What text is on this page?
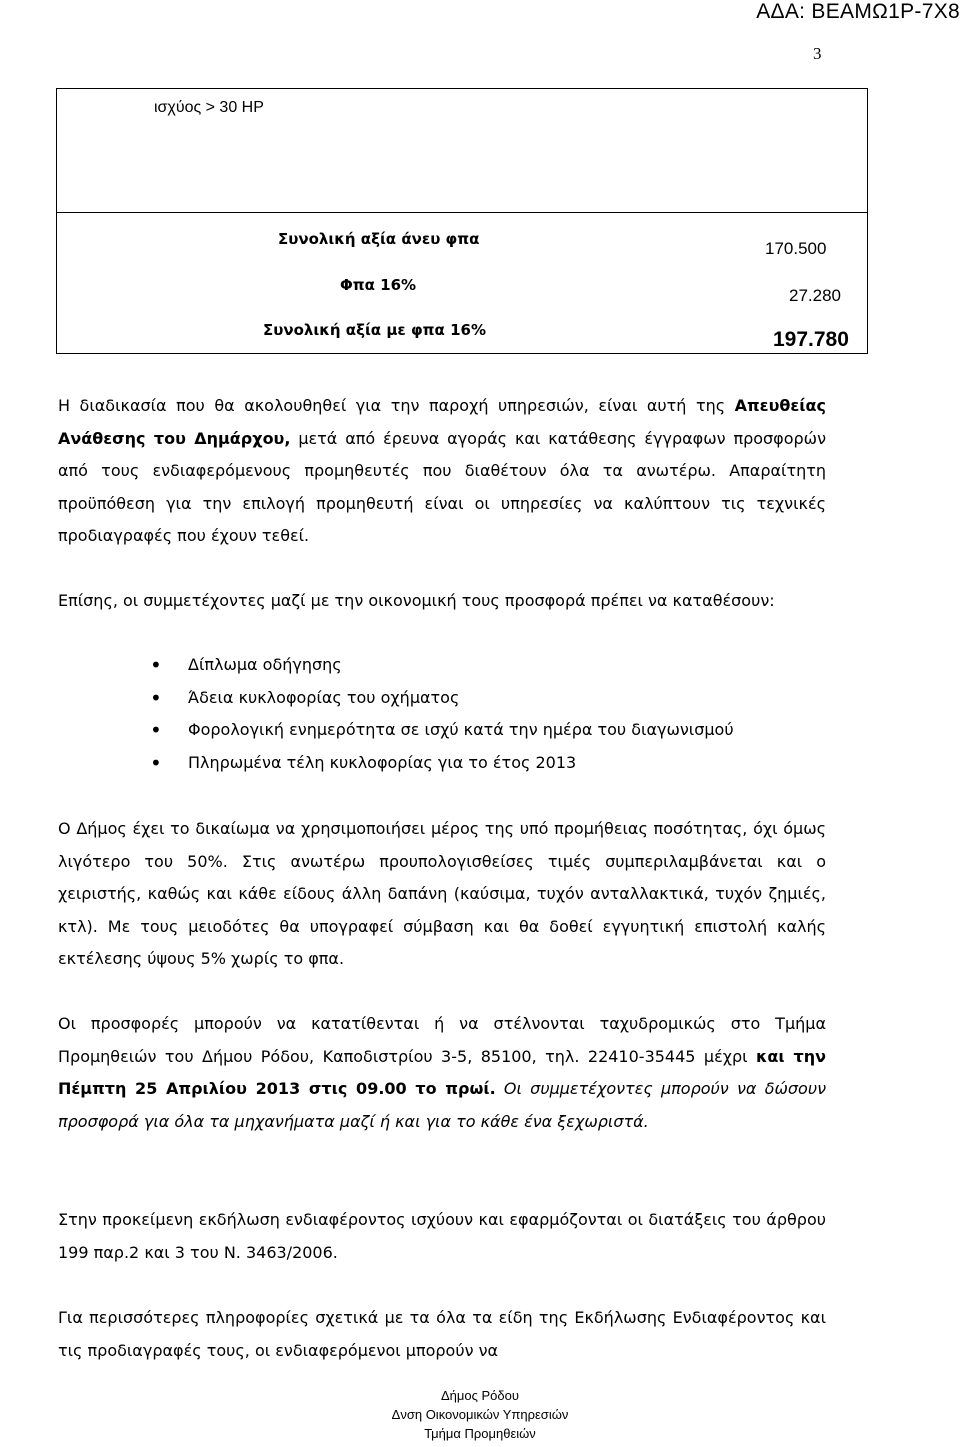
ΑΔΑ: ΒΕΑΜΩ1Ρ-7Χ8
3
ισχύος > 30 HP
Συνολική αξία άνευ φπα	170.500
Φπα 16%
27.280
Συνολική αξία με φπα 16%	197.780

Η διαδικασία που θα ακολουθηθεί για την παροχή υπηρεσιών, είναι αυτή της Απευθείας Ανάθεσης του Δημάρχου, μετά από έρευνα αγοράς και κατάθεσης έγγραφων προσφορών από τους ενδιαφερόμενους προμηθευτές που διαθέτουν όλα τα ανωτέρω. Απαραίτητη προϋπόθεση για την επιλογή προμηθευτή είναι οι υπηρεσίες να καλύπτουν τις τεχνικές προδιαγραφές που έχουν τεθεί.

Επίσης, οι συμμετέχοντες μαζί με την οικονομική τους προσφορά πρέπει να καταθέσουν:

• Δίπλωμα οδήγησης
• Άδεια κυκλοφορίας του οχήματος
• Φορολογική ενημερότητα σε ισχύ κατά την ημέρα του διαγωνισμού
• Πληρωμένα τέλη κυκλοφορίας για το έτος 2013

Ο Δήμος έχει το δικαίωμα να χρησιμοποιήσει μέρος της υπό προμήθειας ποσότητας, όχι όμως λιγότερο του 50%. Στις ανωτέρω προυπολογισθείσες τιμές συμπεριλαμβάνεται και ο χειριστής, καθώς και κάθε είδους άλλη δαπάνη (καύσιμα, τυχόν ανταλλακτικά, τυχόν ζημιές, κτλ). Με τους μειοδότες θα υπογραφεί σύμβαση και θα δοθεί εγγυητική επιστολή καλής εκτέλεσης ύψους 5% χωρίς το φπα.

Οι προσφορές μπορούν να κατατίθενται ή να στέλνονται ταχυδρομικώς στο Τμήμα Προμηθειών του Δήμου Ρόδου, Καποδιστρίου 3-5, 85100, τηλ. 22410-35445 μέχρι και την Πέμπτη 25 Απριλίου 2013 στις 09.00 το πρωί. Οι συμμετέχοντες μπορούν να δώσουν προσφορά για όλα τα μηχανήματα μαζί ή και για το κάθε ένα ξεχωριστά.

Στην προκείμενη εκδήλωση ενδιαφέροντος ισχύουν και εφαρμόζονται οι διατάξεις του άρθρου 199 παρ.2 και 3 του Ν. 3463/2006.

Για περισσότερες πληροφορίες σχετικά με τα όλα τα είδη της Εκδήλωσης Ενδιαφέροντος και τις προδιαγραφές τους, οι ενδιαφερόμενοι μπορούν να

Δήμος Ρόδου
Δνση Οικονομικών Υπηρεσιών
Τμήμα Προμηθειών
